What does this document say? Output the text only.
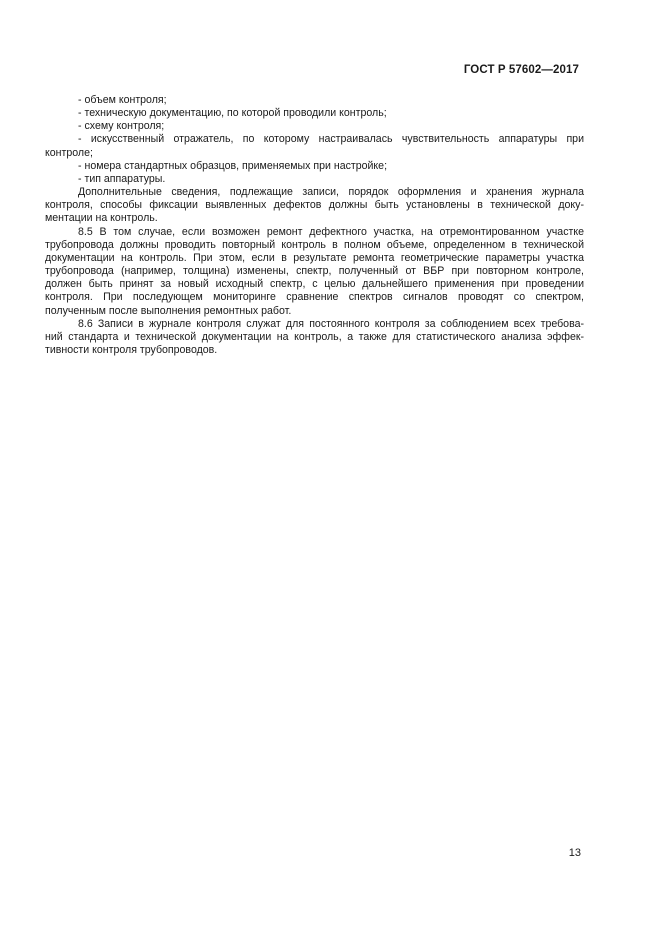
ГОСТ Р 57602—2017
- объем контроля;
- техническую документацию, по которой проводили контроль;
- схему контроля;
- искусственный отражатель, по которому настраивалась чувствительность аппаратуры при
контроле;
- номера стандартных образцов, применяемых при настройке;
- тип аппаратуры.
Дополнительные сведения, подлежащие записи, порядок оформления и хранения журнала
контроля, способы фиксации выявленных дефектов должны быть установлены в технической доку-
ментации на контроль.
8.5 В том случае, если возможен ремонт дефектного участка, на отремонтированном участке
трубопровода должны проводить повторный контроль в полном объеме, определенном в технической
документации на контроль. При этом, если в результате ремонта геометрические параметры участка
трубопровода (например, толщина) изменены, спектр, полученный от ВБР при повторном контроле,
должен быть принят за новый исходный спектр, с целью дальнейшего применения при проведении
контроля. При последующем мониторинге сравнение спектров сигналов проводят со спектром,
полученным после выполнения ремонтных работ.
8.6 Записи в журнале контроля служат для постоянного контроля за соблюдением всех требова-
ний стандарта и технической документации на контроль, а также для статистического анализа эффек-
тивности контроля трубопроводов.
13
